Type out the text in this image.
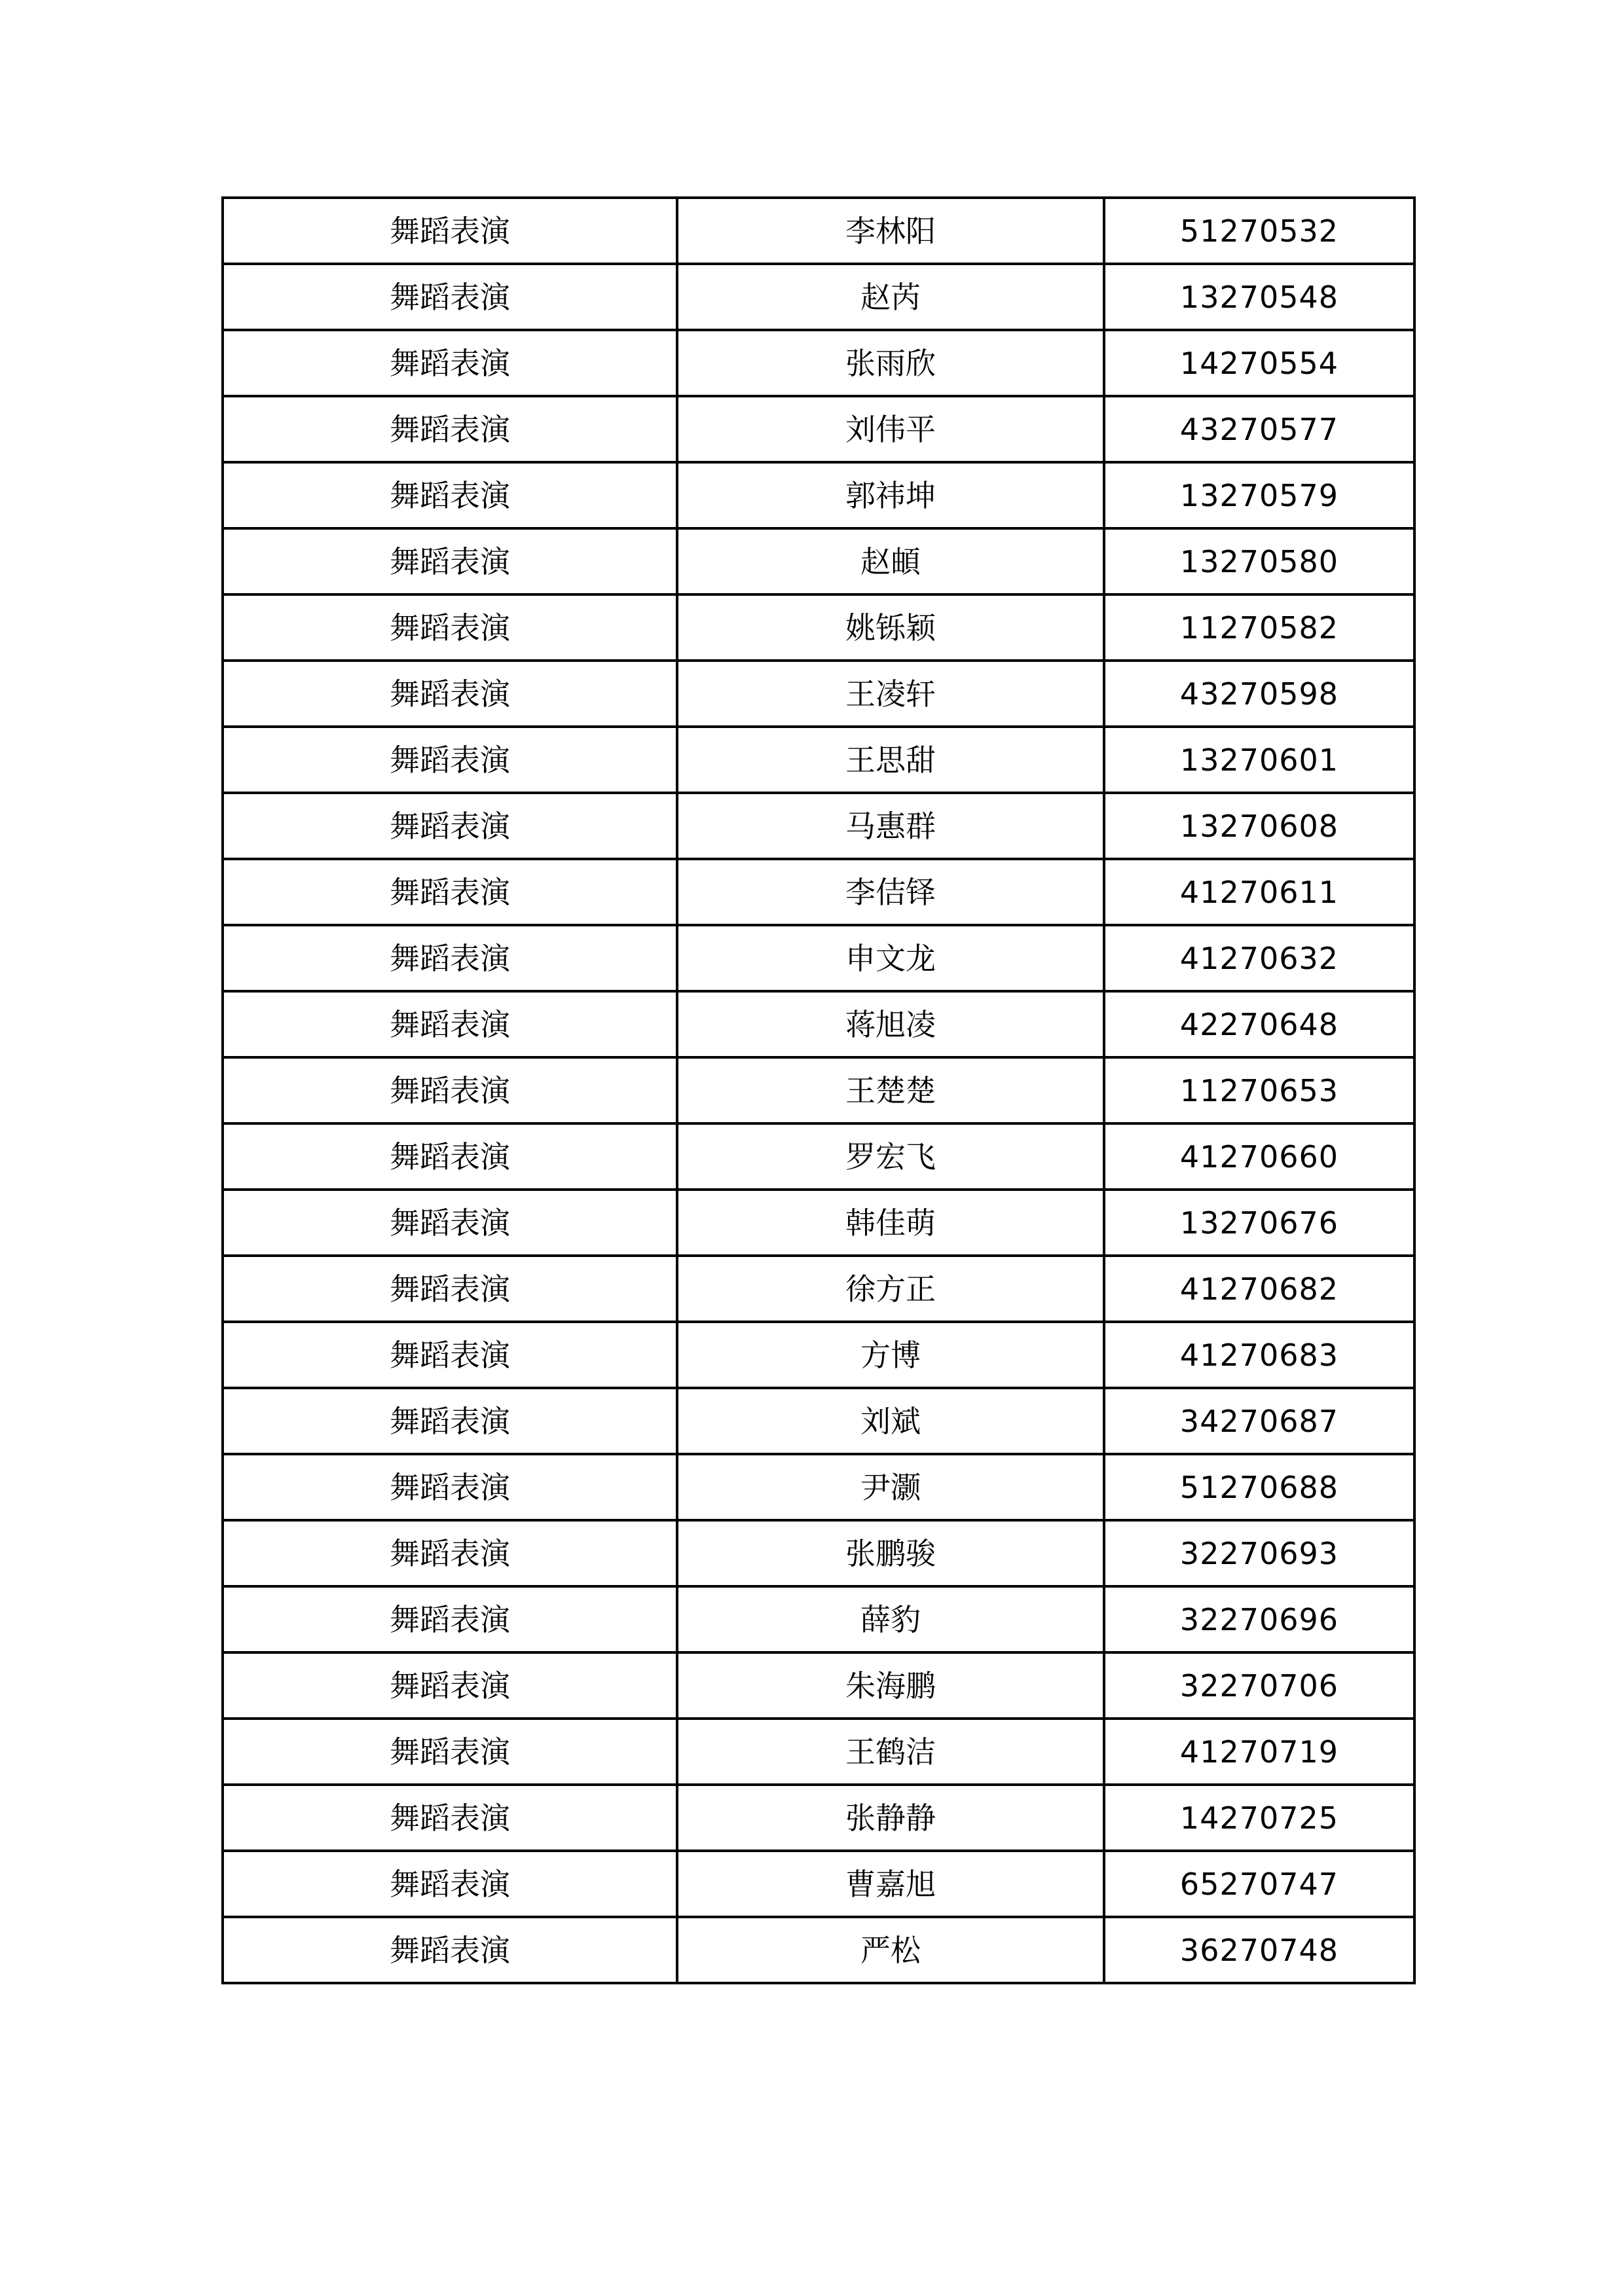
舞蹈表演	李林阳	51270532
舞蹈表演	赵芮	13270548
舞蹈表演	张雨欣	14270554
舞蹈表演	刘伟平	43270577
舞蹈表演	郭祎坤	13270579
舞蹈表演	赵頔	13270580
舞蹈表演	姚铄颖	11270582
舞蹈表演	王凌轩	43270598
舞蹈表演	王思甜	13270601
舞蹈表演	马惠群	13270608
舞蹈表演	李佶铎	41270611
舞蹈表演	申文龙	41270632
舞蹈表演	蒋旭凌	42270648
舞蹈表演	王楚楚	11270653
舞蹈表演	罗宏飞	41270660
舞蹈表演	韩佳萌	13270676
舞蹈表演	徐方正	41270682
舞蹈表演	方博	41270683
舞蹈表演	刘斌	34270687
舞蹈表演	尹灏	51270688
舞蹈表演	张鹏骏	32270693
舞蹈表演	薛豹	32270696
舞蹈表演	朱海鹏	32270706
舞蹈表演	王鹤洁	41270719
舞蹈表演	张静静	14270725
舞蹈表演	曹嘉旭	65270747
舞蹈表演	严松	36270748
